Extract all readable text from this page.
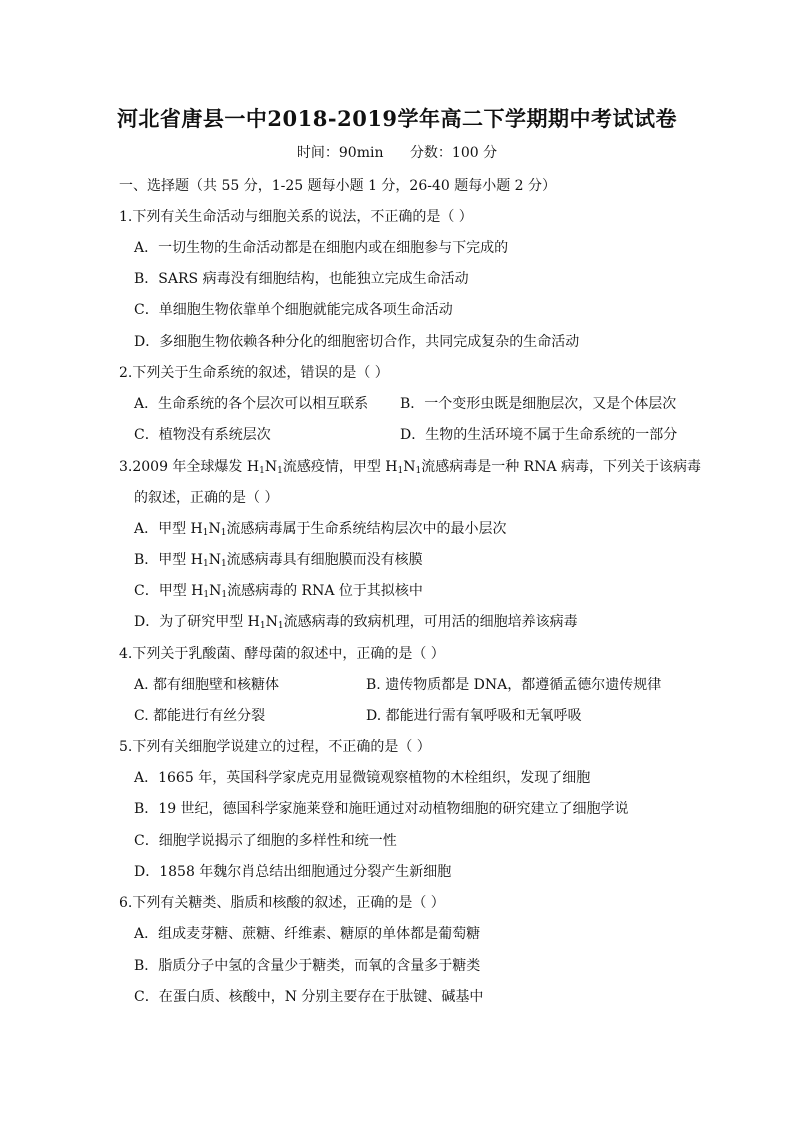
河北省唐县一中2018-2019学年高二下学期期中考试试卷
时间：90min 分数：100 分
一、选择题（共 55 分，1-25 题每小题 1 分，26-40 题每小题 2 分）
1.下列有关生命活动与细胞关系的说法，不正确的是（ ）
A．一切生物的生命活动都是在细胞内或在细胞参与下完成的
B．SARS 病毒没有细胞结构，也能独立完成生命活动
C．单细胞生物依靠单个细胞就能完成各项生命活动
D．多细胞生物依赖各种分化的细胞密切合作，共同完成复杂的生命活动
2.下列关于生命系统的叙述，错误的是（ ）
A．生命系统的各个层次可以相互联系 B．一个变形虫既是细胞层次，又是个体层次
C．植物没有系统层次	D．生物的生活环境不属于生命系统的一部分
3.2009 年全球爆发 $H_1N_1$流感疫情，甲型 $H_1N_1$流感病毒是一种 RNA 病毒，下列关于该病毒
的叙述，正确的是（ ）
A．甲型 $H_1N_1$流感病毒属于生命系统结构层次中的最小层次
B．甲型 $H_1N_1$流感病毒具有细胞膜而没有核膜
C．甲型 $H_1N_1$流感病毒的 RNA 位于其拟核中
D．为了研究甲型 $H_1N_1$流感病毒的致病机理，可用活的细胞培养该病毒
4.下列关于乳酸菌、酵母菌的叙述中，正确的是（ ）
A. 都有细胞壁和核糖体	B. 遗传物质都是 DNA，都遵循孟德尔遗传规律
C. 都能进行有丝分裂	D. 都能进行需有氧呼吸和无氧呼吸
5.下列有关细胞学说建立的过程，不正确的是（ ）
A．1665 年，英国科学家虎克用显微镜观察植物的木栓组织，发现了细胞
B．19 世纪，德国科学家施莱登和施旺通过对动植物细胞的研究建立了细胞学说
C．细胞学说揭示了细胞的多样性和统一性
D．1858 年魏尔肖总结出细胞通过分裂产生新细胞
6.下列有关糖类、脂质和核酸的叙述，正确的是（ ）
A．组成麦芽糖、蔗糖、纤维素、糖原的单体都是葡萄糖
B．脂质分子中氢的含量少于糖类，而氧的含量多于糖类
C．在蛋白质、核酸中，N 分别主要存在于肽键、碱基中
